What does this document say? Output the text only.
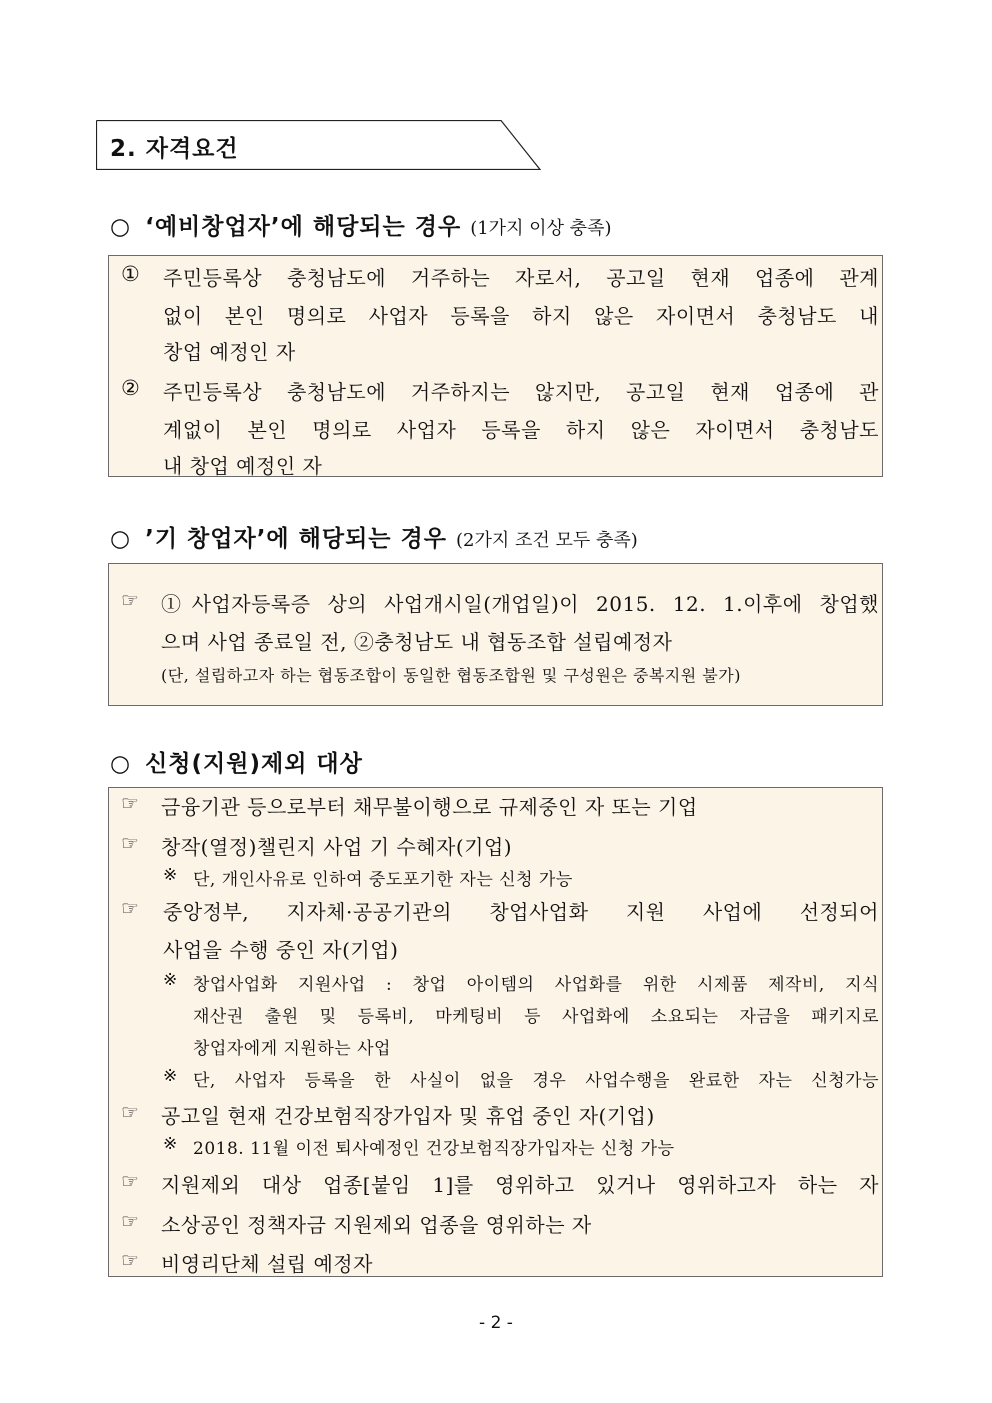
2. 자격요건
○ ‘예비창업자’에 해당되는 경우 (1가지 이상 충족)
① 주민등록상 충청남도에 거주하는 자로서, 공고일 현재 업종에 관계
없이 본인 명의로 사업자 등록을 하지 않은 자이면서 충청남도 내
창업 예정인 자
② 주민등록상 충청남도에 거주하지는 않지만, 공고일 현재 업종에 관
계없이 본인 명의로 사업자 등록을 하지 않은 자이면서 충청남도
내 창업 예정인 자
○ ’기 창업자’에 해당되는 경우 (2가지 조건 모두 충족)
☞ ①사업자등록증 상의 사업개시일(개업일)이 2015. 12. 1.이후에 창업했
으며 사업 종료일 전, ②충청남도 내 협동조합 설립예정자
(단, 설립하고자 하는 협동조합이 동일한 협동조합원 및 구성원은 중복지원 불가)
○ 신청(지원)제외 대상
☞ 금융기관 등으로부터 채무불이행으로 규제중인 자 또는 기업
☞ 창작(열정)챌린지 사업 기 수혜자(기업)
※ 단, 개인사유로 인하여 중도포기한 자는 신청 가능
☞ 중앙정부, 지자체·공공기관의 창업사업화 지원 사업에 선정되어
사업을 수행 중인 자(기업)
※ 창업사업화 지원사업 : 창업 아이템의 사업화를 위한 시제품 제작비, 지식
재산권 출원 및 등록비, 마케팅비 등 사업화에 소요되는 자금을 패키지로
창업자에게 지원하는 사업
※ 단, 사업자 등록을 한 사실이 없을 경우 사업수행을 완료한 자는 신청가능
☞ 공고일 현재 건강보험직장가입자 및 휴업 중인 자(기업)
※ 2018. 11월 이전 퇴사예정인 건강보험직장가입자는 신청 가능
☞ 지원제외 대상 업종[붙임 1]를 영위하고 있거나 영위하고자 하는 자
☞ 소상공인 정책자금 지원제외 업종을 영위하는 자
☞ 비영리단체 설립 예정자
- 2 -
